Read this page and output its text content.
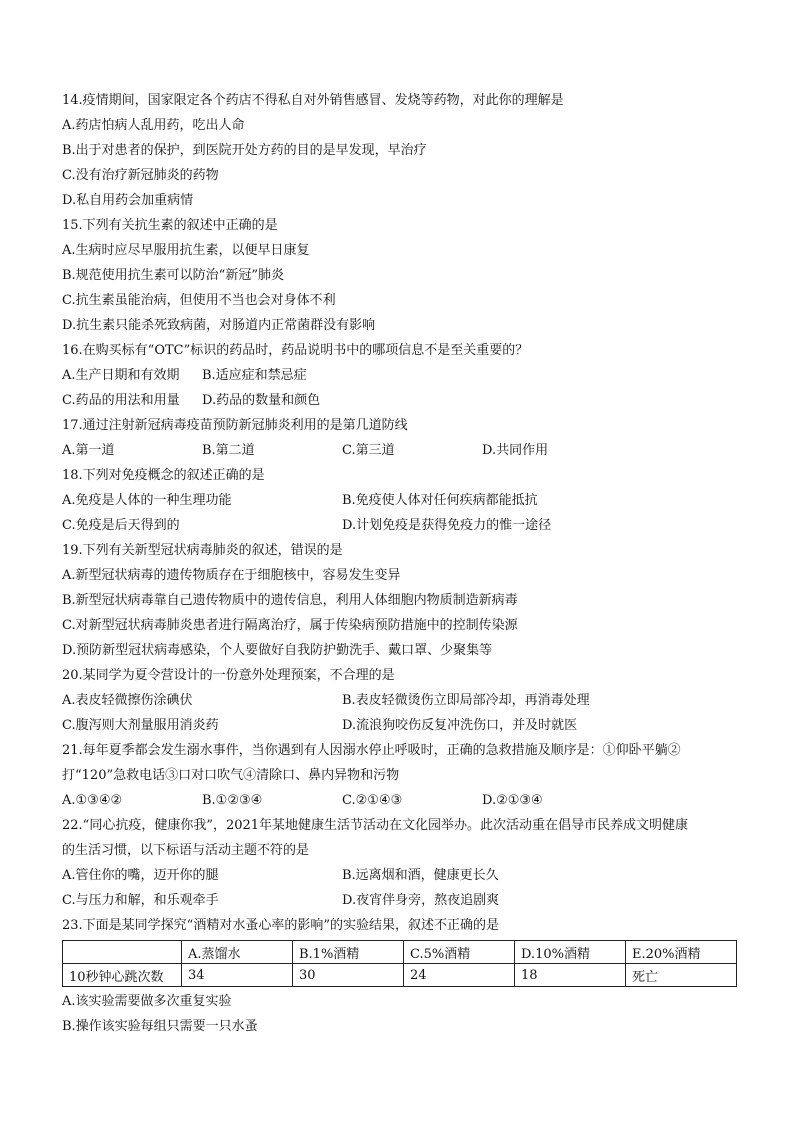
14.疫情期间，国家限定各个药店不得私自对外销售感冒、发烧等药物，对此你的理解是
A.药店怕病人乱用药，吃出人命
B.出于对患者的保护，到医院开处方药的目的是早发现，早治疗
C.没有治疗新冠肺炎的药物
D.私自用药会加重病情
15.下列有关抗生素的叙述中正确的是
A.生病时应尽早服用抗生素，以便早日康复
B.规范使用抗生素可以防治“新冠”肺炎
C.抗生素虽能治病，但使用不当也会对身体不利
D.抗生素只能杀死致病菌，对肠道内正常菌群没有影响
16.在购买标有“OTC”标识的药品时，药品说明书中的哪项信息不是至关重要的？
A.生产日期和有效期	B.适应症和禁忌症
C.药品的用法和用量	D.药品的数量和颜色
17.通过注射新冠病毒疫苗预防新冠肺炎利用的是第几道防线
A.第一道	B.第二道	C.第三道	D.共同作用
18.下列对免疫概念的叙述正确的是
A.免疫是人体的一种生理功能	B.免疫使人体对任何疾病都能抵抗
C.免疫是后天得到的	D.计划免疫是获得免疫力的惟一途径
19.下列有关新型冠状病毒肺炎的叙述，错误的是
A.新型冠状病毒的遗传物质存在于细胞核中，容易发生变异
B.新型冠状病毒靠自己遗传物质中的遗传信息，利用人体细胞内物质制造新病毒
C.对新型冠状病毒肺炎患者进行隔离治疗，属于传染病预防措施中的控制传染源
D.预防新型冠状病毒感染，个人要做好自我防护勤洗手、戴口罩、少聚集等
20.某同学为夏令营设计的一份意外处理预案，不合理的是
A.表皮轻微擦伤涂碘伏	B.表皮轻微烫伤立即局部冷却，再消毒处理
C.腹泻则大剂量服用消炎药	D.流浪狗咬伤反复冲洗伤口，并及时就医
21.每年夏季都会发生溺水事件，当你遇到有人因溺水停止呼吸时，正确的急救措施及顺序是：①仰卧平躺②
打“120”急救电话③口对口吹气④清除口、鼻内异物和污物
A.①③④②	B.①②③④	C.②①④③	D.②①③④
22.“同心抗疫，健康你我”，2021年某地健康生活节活动在文化园举办。此次活动重在倡导市民养成文明健康
的生活习惯，以下标语与活动主题不符的是
A.管住你的嘴，迈开你的腿	B.远离烟和酒，健康更长久
C.与压力和解，和乐观牵手	D.夜宵伴身旁，熬夜追剧爽
23.下面是某同学探究“酒精对水蚤心率的影响”的实验结果，叙述不正确的是
	A.蒸馏水	B.1%酒精	C.5%酒精	D.10%酒精	E.20%酒精
10秒钟心跳次数	34	30	24	18	死亡
A.该实验需要做多次重复实验
B.操作该实验每组只需要一只水蚤
